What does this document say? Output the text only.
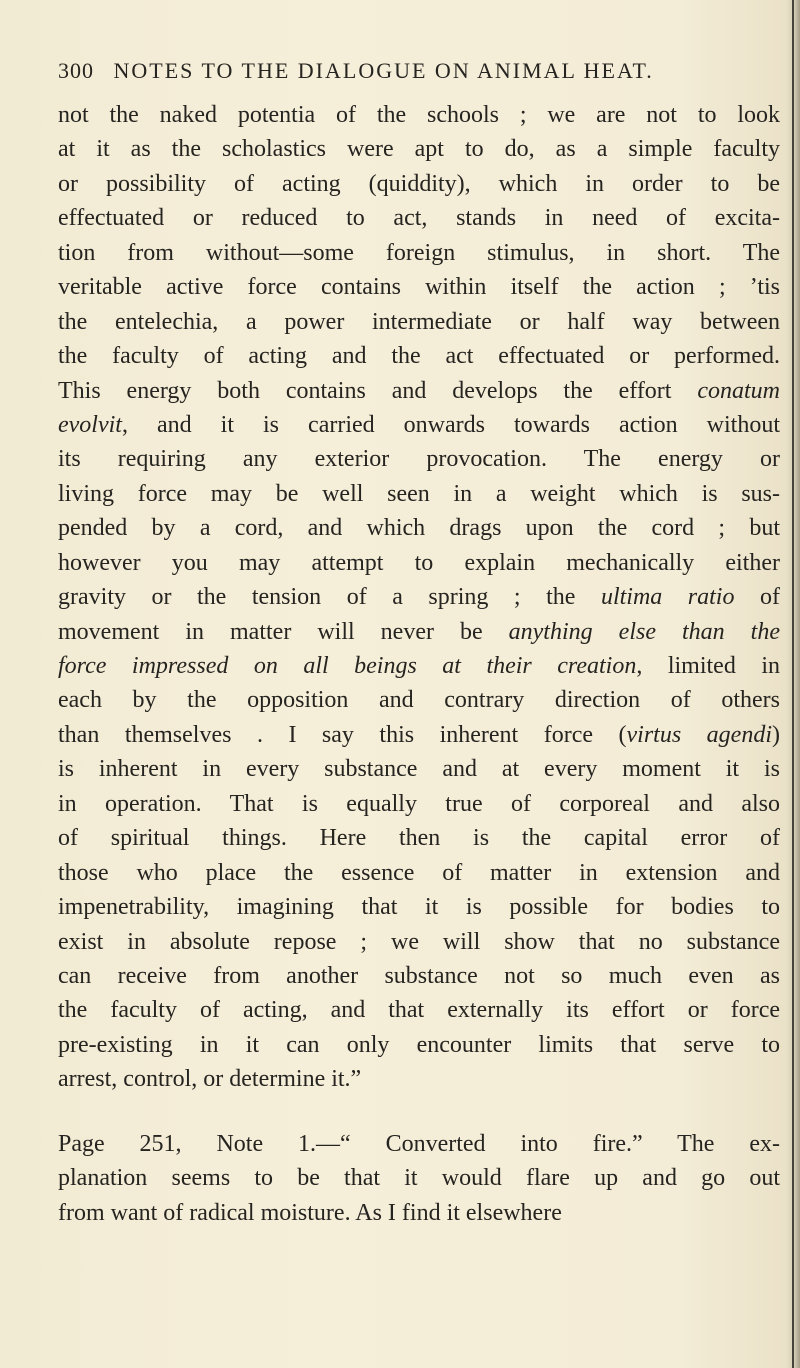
300 NOTES TO THE DIALOGUE ON ANIMAL HEAT.
not the naked potentia of the schools ; we are not to look
at it as the scholastics were apt to do, as a simple faculty
or possibility of acting (quiddity), which in order to be
effectuated or reduced to act, stands in need of excita-
tion from without—some foreign stimulus, in short. The
veritable active force contains within itself the action ; ’tis
the entelechia, a power intermediate or half way between
the faculty of acting and the act effectuated or performed.
This energy both contains and develops the effort conatum
evolvit, and it is carried onwards towards action without
its requiring any exterior provocation. The energy or
living force may be well seen in a weight which is sus-
pended by a cord, and which drags upon the cord ; but
however you may attempt to explain mechanically either
gravity or the tension of a spring ; the ultima ratio of
movement in matter will never be anything else than the
force impressed on all beings at their creation, limited in
each by the opposition and contrary direction of others
than themselves . I say this inherent force (virtus agendi)
is inherent in every substance and at every moment it is
in operation. That is equally true of corporeal and also
of spiritual things. Here then is the capital error of
those who place the essence of matter in extension and
impenetrability, imagining that it is possible for bodies to
exist in absolute repose ; we will show that no substance
can receive from another substance not so much even as
the faculty of acting, and that externally its effort or force
pre-existing in it can only encounter limits that serve to
arrest, control, or determine it.”
Page 251, Note 1.—“ Converted into fire.” The ex-
planation seems to be that it would flare up and go out
from want of radical moisture. As I find it elsewhere
